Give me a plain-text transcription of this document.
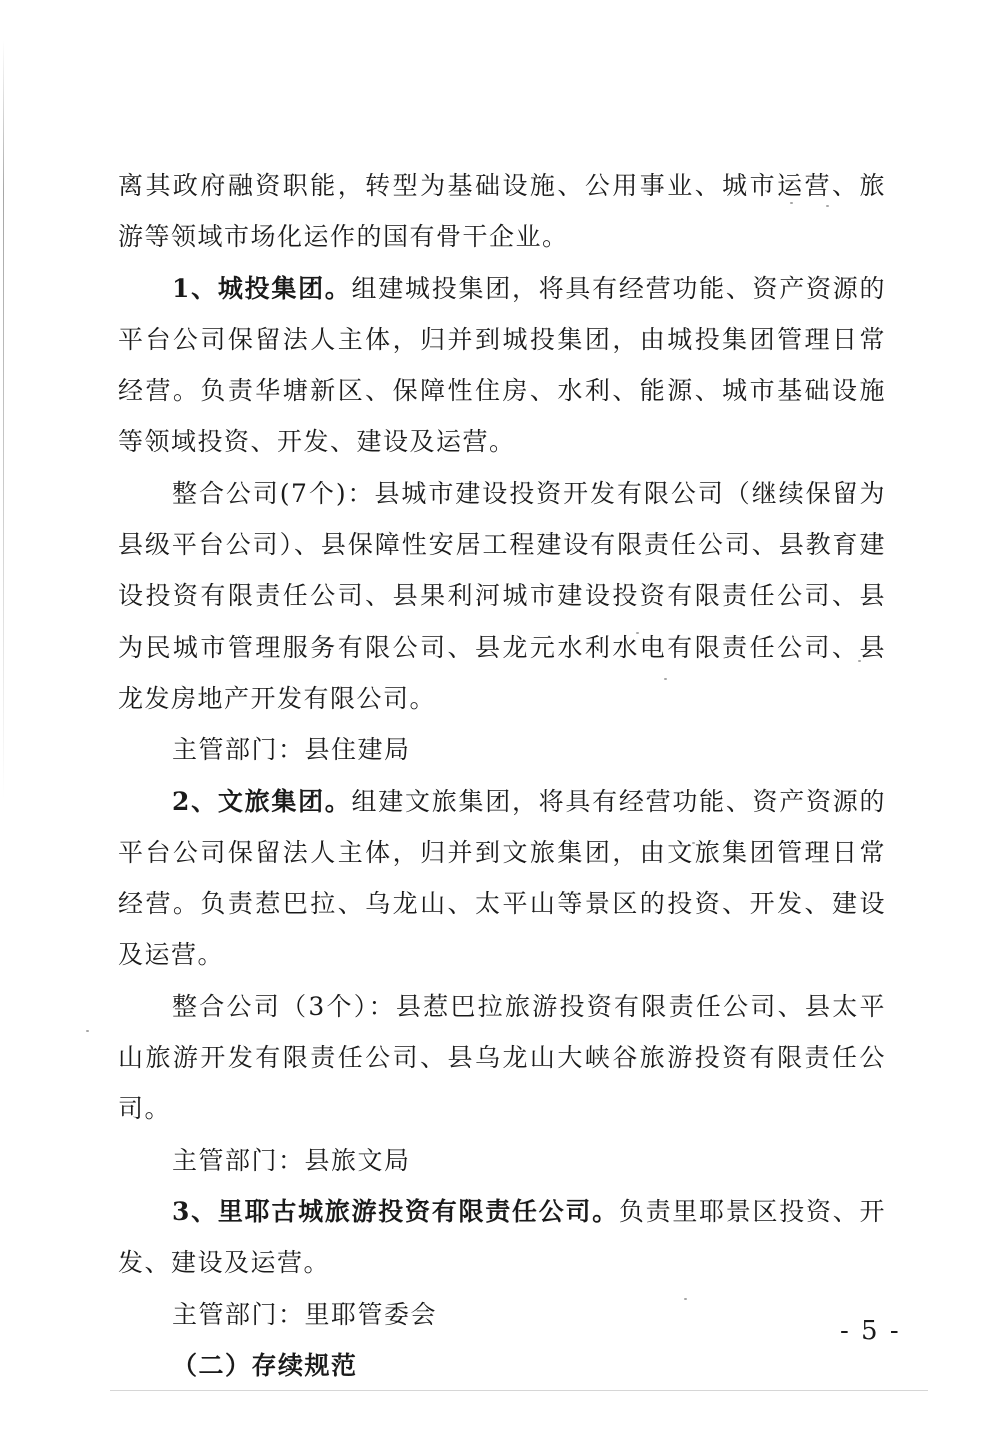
离其政府融资职能，转型为基础设施、公用事业、城市运营、旅游等领域市场化运作的国有骨干企业。

1、城投集团。组建城投集团，将具有经营功能、资产资源的平台公司保留法人主体，归并到城投集团，由城投集团管理日常经营。负责华塘新区、保障性住房、水利、能源、城市基础设施等领域投资、开发、建设及运营。

整合公司(7个)：县城市建设投资开发有限公司（继续保留为县级平台公司）、县保障性安居工程建设有限责任公司、县教育建设投资有限责任公司、县果利河城市建设投资有限责任公司、县为民城市管理服务有限公司、县龙元水利水电有限责任公司、县龙发房地产开发有限公司。

主管部门：县住建局

2、文旅集团。组建文旅集团，将具有经营功能、资产资源的平台公司保留法人主体，归并到文旅集团，由文旅集团管理日常经营。负责惹巴拉、乌龙山、太平山等景区的投资、开发、建设及运营。

整合公司（3个）：县惹巴拉旅游投资有限责任公司、县太平山旅游开发有限责任公司、县乌龙山大峡谷旅游投资有限责任公司。

主管部门：县旅文局

3、里耶古城旅游投资有限责任公司。负责里耶景区投资、开发、建设及运营。

主管部门：里耶管委会

（二）存续规范

- 5 -
